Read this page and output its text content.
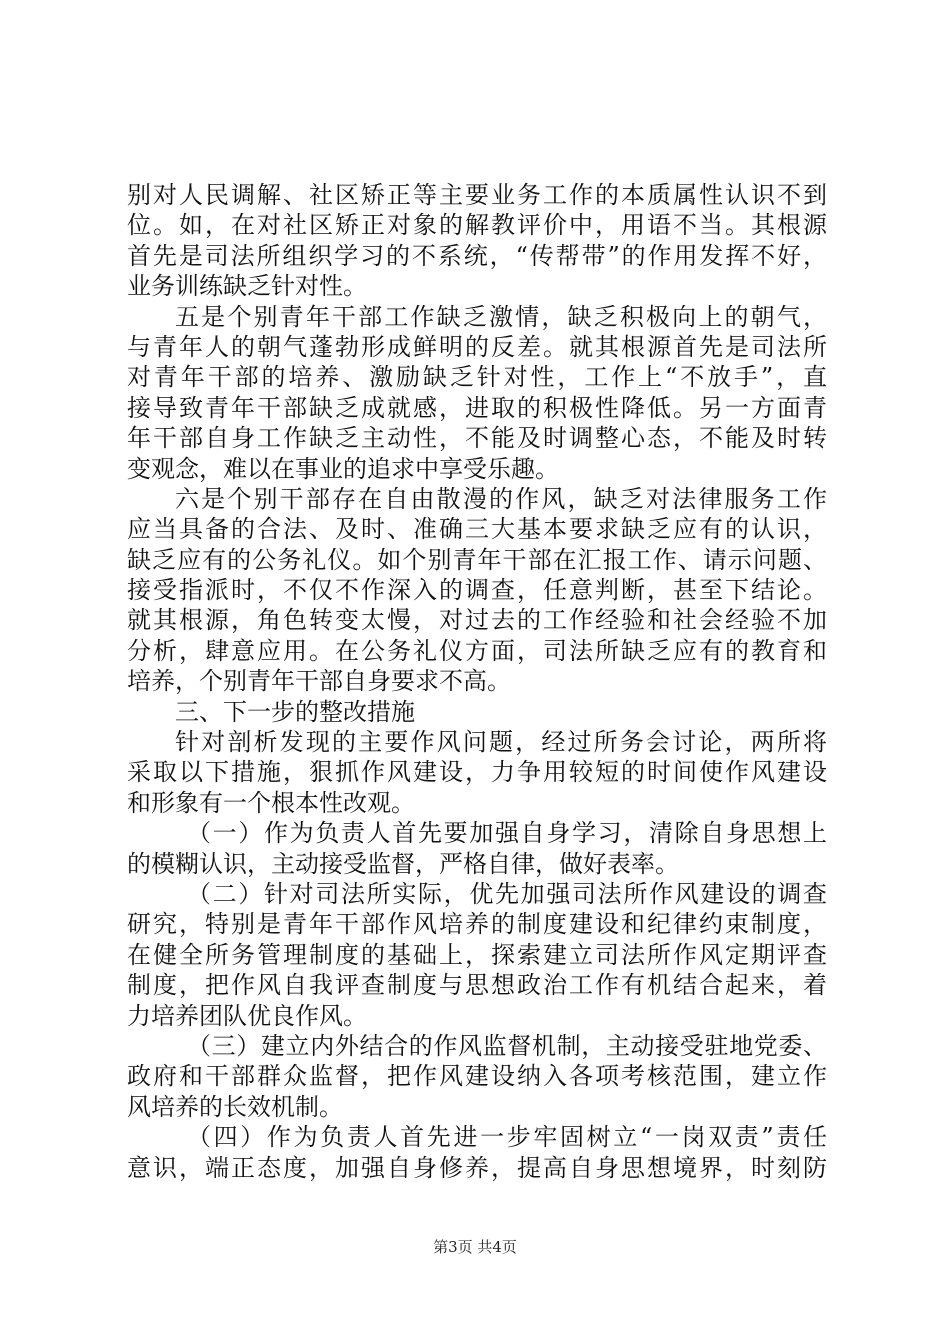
别对人民调解、社区矫正等主要业务工作的本质属性认识不到
位。如，在对社区矫正对象的解教评价中，用语不当。其根源
首先是司法所组织学习的不系统，“传帮带”的作用发挥不好，
业务训练缺乏针对性。
五是个别青年干部工作缺乏激情，缺乏积极向上的朝气，
与青年人的朝气蓬勃形成鲜明的反差。就其根源首先是司法所
对青年干部的培养、激励缺乏针对性，工作上“不放手”，直
接导致青年干部缺乏成就感，进取的积极性降低。另一方面青
年干部自身工作缺乏主动性，不能及时调整心态，不能及时转
变观念，难以在事业的追求中享受乐趣。
六是个别干部存在自由散漫的作风，缺乏对法律服务工作
应当具备的合法、及时、准确三大基本要求缺乏应有的认识，
缺乏应有的公务礼仪。如个别青年干部在汇报工作、请示问题、
接受指派时，不仅不作深入的调查，任意判断，甚至下结论。
就其根源，角色转变太慢，对过去的工作经验和社会经验不加
分析，肆意应用。在公务礼仪方面，司法所缺乏应有的教育和
培养，个别青年干部自身要求不高。
三、下一步的整改措施
针对剖析发现的主要作风问题，经过所务会讨论，两所将
采取以下措施，狠抓作风建设，力争用较短的时间使作风建设
和形象有一个根本性改观。
（一）作为负责人首先要加强自身学习，清除自身思想上
的模糊认识，主动接受监督，严格自律，做好表率。
（二）针对司法所实际，优先加强司法所作风建设的调查
研究，特别是青年干部作风培养的制度建设和纪律约束制度，
在健全所务管理制度的基础上，探索建立司法所作风定期评查
制度，把作风自我评查制度与思想政治工作有机结合起来，着
力培养团队优良作风。
（三）建立内外结合的作风监督机制，主动接受驻地党委、
政府和干部群众监督，把作风建设纳入各项考核范围，建立作
风培养的长效机制。
（四）作为负责人首先进一步牢固树立“一岗双责”责任
意识，端正态度，加强自身修养，提高自身思想境界，时刻防
第3页 共4页
